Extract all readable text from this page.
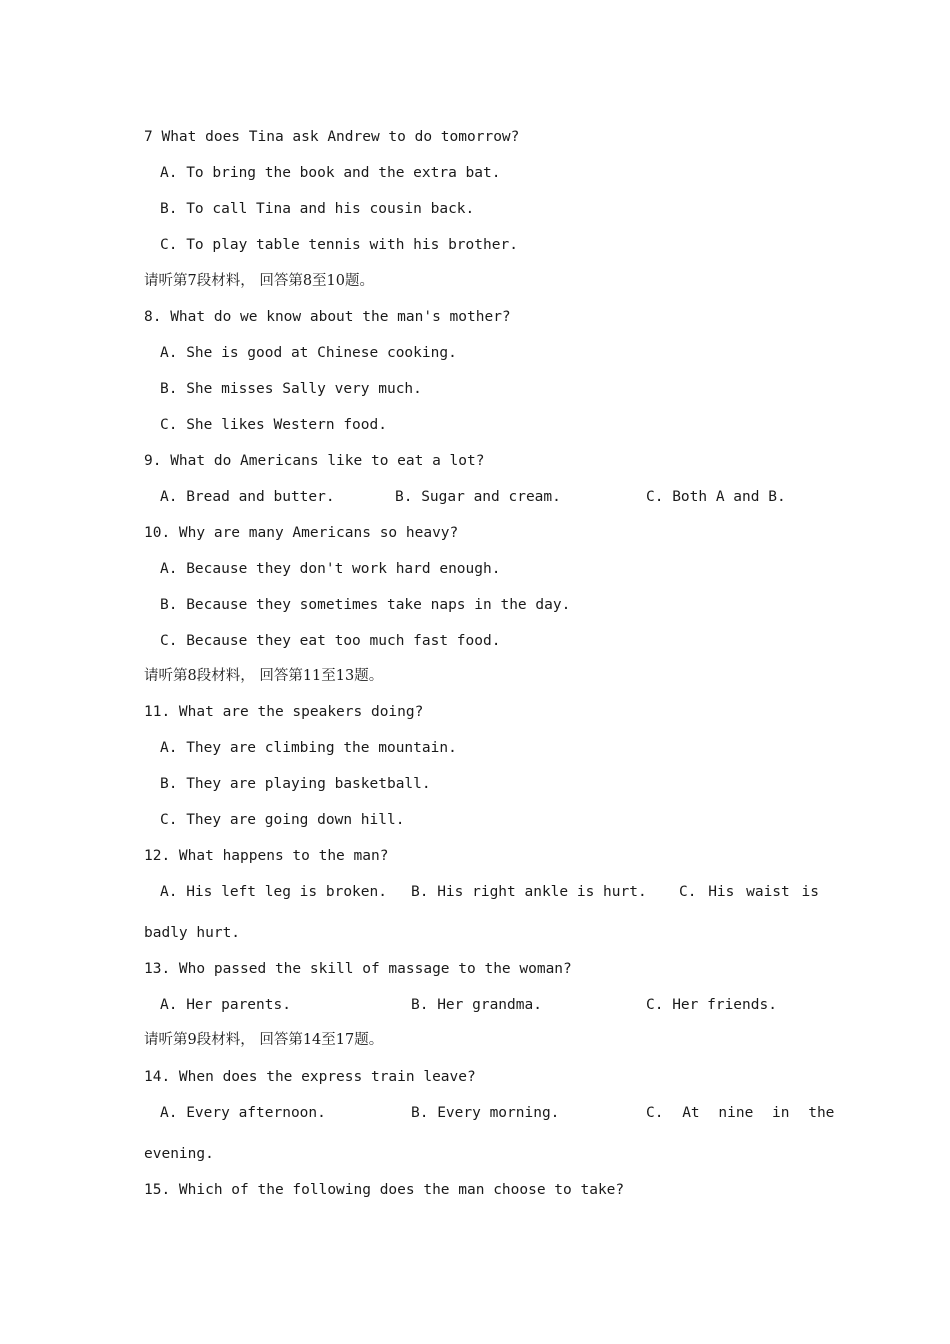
7 What does Tina ask Andrew to do tomorrow?
A. To bring the book and the extra bat.
B. To call Tina and his cousin back.
C. To play table tennis with his brother.
请听第7段材料， 回答第8至10题。
8. What do we know about the man's mother?
A. She is good at Chinese cooking.
B. She misses Sally very much.
C. She likes Western food.
9. What do Americans like to eat a lot?
A. Bread and butter.	B. Sugar and cream.	C. Both A and B.
10. Why are many Americans so heavy?
A. Because they don't work hard enough.
B. Because they sometimes take naps in the day.
C. Because they eat too much fast food.
请听第8段材料， 回答第11至13题。
11. What are the speakers doing?
A. They are climbing the mountain.
B. They are playing basketball.
C. They are going down hill.
12. What happens to the man?
A. His left leg is broken. B. His right ankle is hurt. C. His waist is
badly hurt.
13. Who passed the skill of massage to the woman?
A. Her parents.	B. Her grandma.	C. Her friends.
请听第9段材料， 回答第14至17题。
14. When does the express train leave?
A. Every afternoon.	B. Every morning.	C. At nine in the
evening.
15. Which of the following does the man choose to take?
